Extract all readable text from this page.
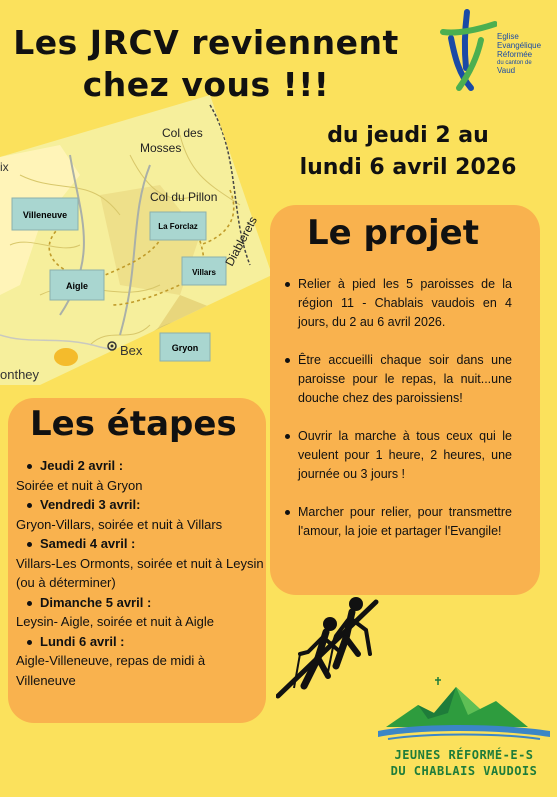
Les JRCV reviennent
chez vous !!!
Eglise
Evangélique
Réformée
du canton de
Vaud
du jeudi 2 au
lundi 6 avril 2026
Villeneuve
La Forclaz
Aigle
Villars
Gryon
Bex
onthey
ix
Col des
Mosses
Col du Pillon
Diablerets Le projet
Relier à pied les 5 paroisses de la région 11 - Chablais vaudois en 4 jours, du 2 au 6 avril 2026.
Être accueilli chaque soir dans une paroisse pour le repas, la nuit...une douche chez des paroissiens!
Ouvrir la marche à tous ceux qui le veulent pour 1 heure, 2 heures, une journée ou 3 jours !
Marcher pour relier, pour transmettre l'amour, la joie et partager l'Evangile!
Les étapes
Jeudi 2 avril :
Soirée et nuit à Gryon
Vendredi 3 avril:
Gryon-Villars, soirée et nuit à Villars
Samedi 4 avril :
Villars-Les Ormonts, soirée et nuit à Leysin (ou à déterminer)
Dimanche 5 avril :
Leysin- Aigle, soirée et nuit à Aigle
Lundi 6 avril :
Aigle-Villeneuve, repas de midi à Villeneuve
JEUNES RÉFORMÉ-E-S
DU CHABLAIS VAUDOIS
